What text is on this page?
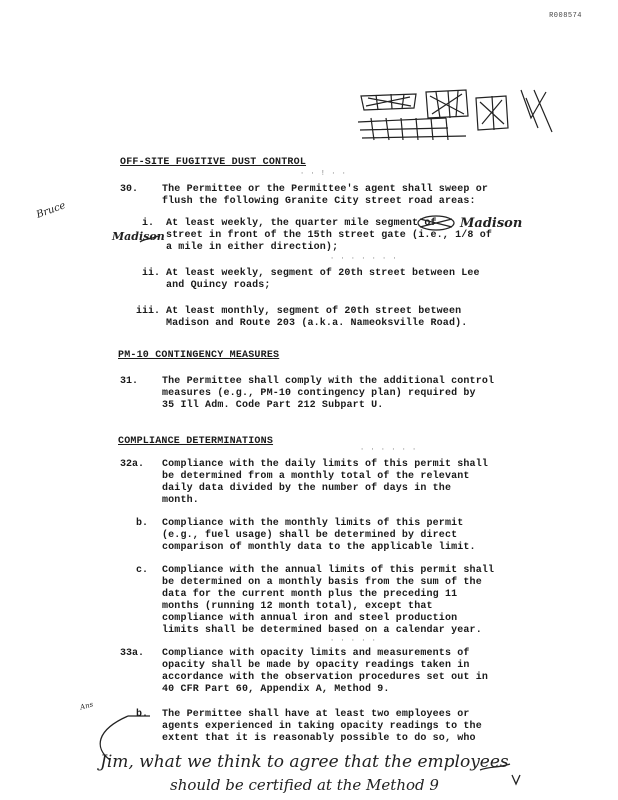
R008574
OFF-SITE FUGITIVE DUST CONTROL
· · ! · ·
30. The Permittee or the Permittee's agent shall sweep or
flush the following Granite City street road areas:
i. At least weekly, the quarter mile segment of
street in front of the 15th street gate (i.e., 1/8 of
a mile in either direction);
· · · · · · ·
ii. At least weekly, segment of 20th street between Lee
and Quincy roads;
iii. At least monthly, segment of 20th street between
Madison and Route 203 (a.k.a. Nameoksville Road).
PM-10 CONTINGENCY MEASURES
31. The Permittee shall comply with the additional control
measures (e.g., PM-10 contingency plan) required by
35 Ill Adm. Code Part 212 Subpart U.
COMPLIANCE DETERMINATIONS
· · · · · ·
32a. Compliance with the daily limits of this permit shall
be determined from a monthly total of the relevant
daily data divided by the number of days in the
month.
b. Compliance with the monthly limits of this permit
(e.g., fuel usage) shall be determined by direct
comparison of monthly data to the applicable limit.
c. Compliance with the annual limits of this permit shall
be determined on a monthly basis from the sum of the
data for the current month plus the preceding 11
months (running 12 month total), except that
compliance with annual iron and steel production
limits shall be determined based on a calendar year.
· · · · ·
33a. Compliance with opacity limits and measurements of
opacity shall be made by opacity readings taken in
accordance with the observation procedures set out in
40 CFR Part 60, Appendix A, Method 9.
b. The Permittee shall have at least two employees or
agents experienced in taking opacity readings to the
extent that it is reasonably possible to do so, who
Bruce
Madison
Madison
Ans
Jim, what we think to agree that the employees
should be certified at the Method 9
